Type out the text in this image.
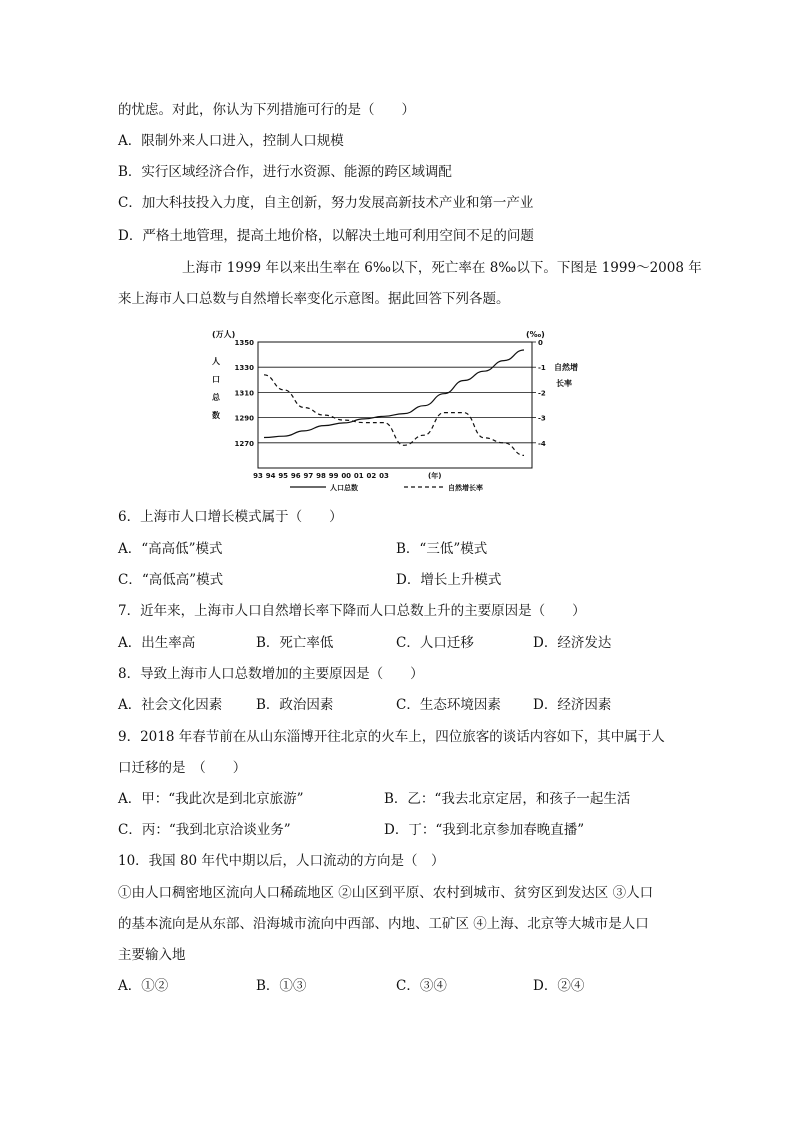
的忧虑。对此，你认为下列措施可行的是（　　）
A．限制外来人口进入，控制人口规模
B．实行区域经济合作，进行水资源、能源的跨区域调配
C．加大科技投入力度，自主创新，努力发展高新技术产业和第一产业
D．严格土地管理，提高土地价格，以解决土地可利用空间不足的问题
上海市 1999 年以来出生率在 6‰以下，死亡率在 8‰以下。下图是 1999～2008 年
来上海市人口总数与自然增长率变化示意图。据此回答下列各题。
(万人)	(‰)
人
口
总
数
自然增
长率
1350
1330
1310
1290
1270
0
-1
-2
-3
-4
93 94 95 96 97 98 99 00 01 02 03	(年)
人口总数	自然增长率
6．上海市人口增长模式属于（　　）
A．“高高低”模式	B．“三低”模式
C．“高低高”模式	D．增长上升模式
7．近年来，上海市人口自然增长率下降而人口总数上升的主要原因是（　　）
A．出生率高	B．死亡率低	C．人口迁移	D．经济发达
8．导致上海市人口总数增加的主要原因是（　　）
A．社会文化因素	B．政治因素	C．生态环境因素 D．经济因素
9．2018 年春节前在从山东淄博开往北京的火车上，四位旅客的谈话内容如下，其中属于人
口迁移的是　（　　）
A．甲：“我此次是到北京旅游”	B．乙：“我去北京定居，和孩子一起生活
C．丙：“我到北京洽谈业务”	D．丁：“我到北京参加春晚直播”
10．我国 80 年代中期以后，人口流动的方向是（　）
①由人口稠密地区流向人口稀疏地区 ②山区到平原、农村到城市、贫穷区到发达区 ③人口
的基本流向是从东部、沿海城市流向中西部、内地、工矿区 ④上海、北京等大城市是人口
主要输入地
A．①②	B．①③	C．③④	D．②④
